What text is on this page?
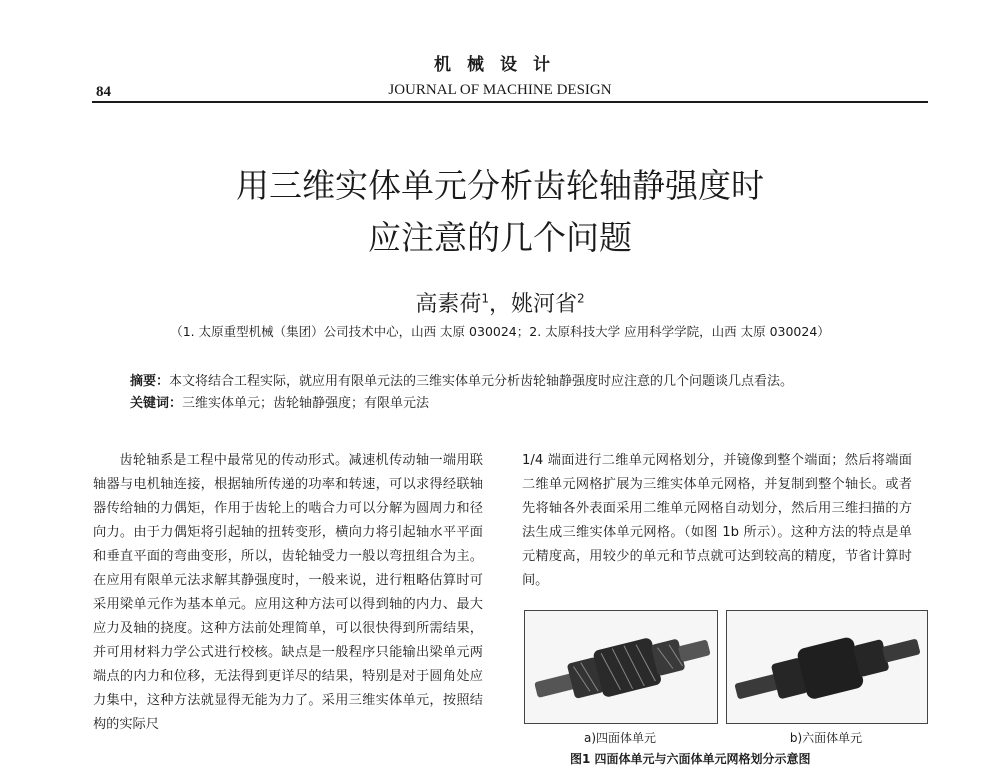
机械设计
84	JOURNAL OF MACHINE DESIGN
用三维实体单元分析齿轮轴静强度时
应注意的几个问题
高素荷$^1$，姚河省$^2$
（1. 太原重型机械（集团）公司技术中心，山西 太原 030024；2. 太原科技大学 应用科学学院，山西 太原 030024）
摘要：本文将结合工程实际，就应用有限单元法的三维实体单元分析齿轮轴静强度时应注意的几个问题谈几点看法。
关键词：三维实体单元；齿轮轴静强度；有限单元法

齿轮轴系是工程中最常见的传动形式。减速机传动轴一端用联轴器与电机轴连接，根据轴所传递的功率和转速，可以求得经联轴器传给轴的力偶矩，作用于齿轮上的啮合力可以分解为圆周力和径向力。由于力偶矩将引起轴的扭转变形，横向力将引起轴水平平面和垂直平面的弯曲变形，所以，齿轮轴受力一般以弯扭组合为主。在应用有限单元法求解其静强度时，一般来说，进行粗略估算时可采用梁单元作为基本单元。应用这种方法可以得到轴的内力、最大应力及轴的挠度。这种方法前处理简单，可以很快得到所需结果，并可用材料力学公式进行校核。缺点是一般程序只能输出梁单元两端点的内力和位移，无法得到更详尽的结果，特别是对于圆角处应力集中，这种方法就显得无能为力了。采用三维实体单元，按照结构的实际尺

1/4 端面进行二维单元网格划分，并镜像到整个端面；然后将端面二维单元网格扩展为三维实体单元网格，并复制到整个轴长。或者先将轴各外表面采用二维单元网格自动划分，然后用三维扫描的方法生成三维实体单元网格。（如图 1b 所示）。这种方法的特点是单元精度高，用较少的单元和节点就可达到较高的精度，节省计算时间。

a)四面体单元	b)六面体单元
图1 四面体单元与六面体单元网格划分示意图
